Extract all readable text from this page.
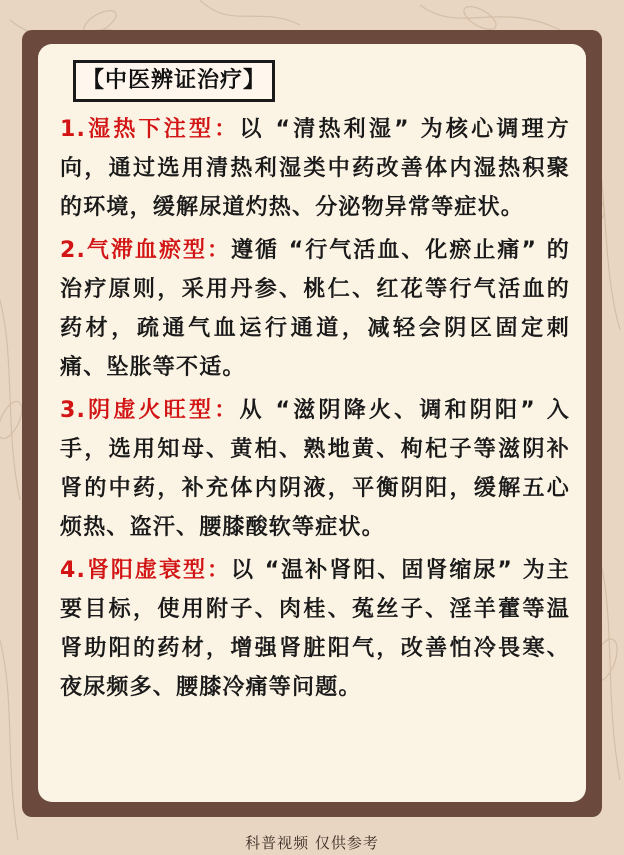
【中医辨证治疗】

1.湿热下注型：以 “清热利湿” 为核心调理方向，通过选用清热利湿类中药改善体内湿热积聚的环境，缓解尿道灼热、分泌物异常等症状。

2.气滞血瘀型：遵循 “行气活血、化瘀止痛” 的治疗原则，采用丹参、桃仁、红花等行气活血的药材，疏通气血运行通道，减轻会阴区固定刺痛、坠胀等不适。

3.阴虚火旺型：从 “滋阴降火、调和阴阳” 入手，选用知母、黄柏、熟地黄、枸杞子等滋阴补肾的中药，补充体内阴液，平衡阴阳，缓解五心烦热、盗汗、腰膝酸软等症状。

4.肾阳虚衰型：以 “温补肾阳、固肾缩尿” 为主要目标，使用附子、肉桂、菟丝子、淫羊藿等温肾助阳的药材，增强肾脏阳气，改善怕冷畏寒、夜尿频多、腰膝冷痛等问题。

科普视频 仅供参考
